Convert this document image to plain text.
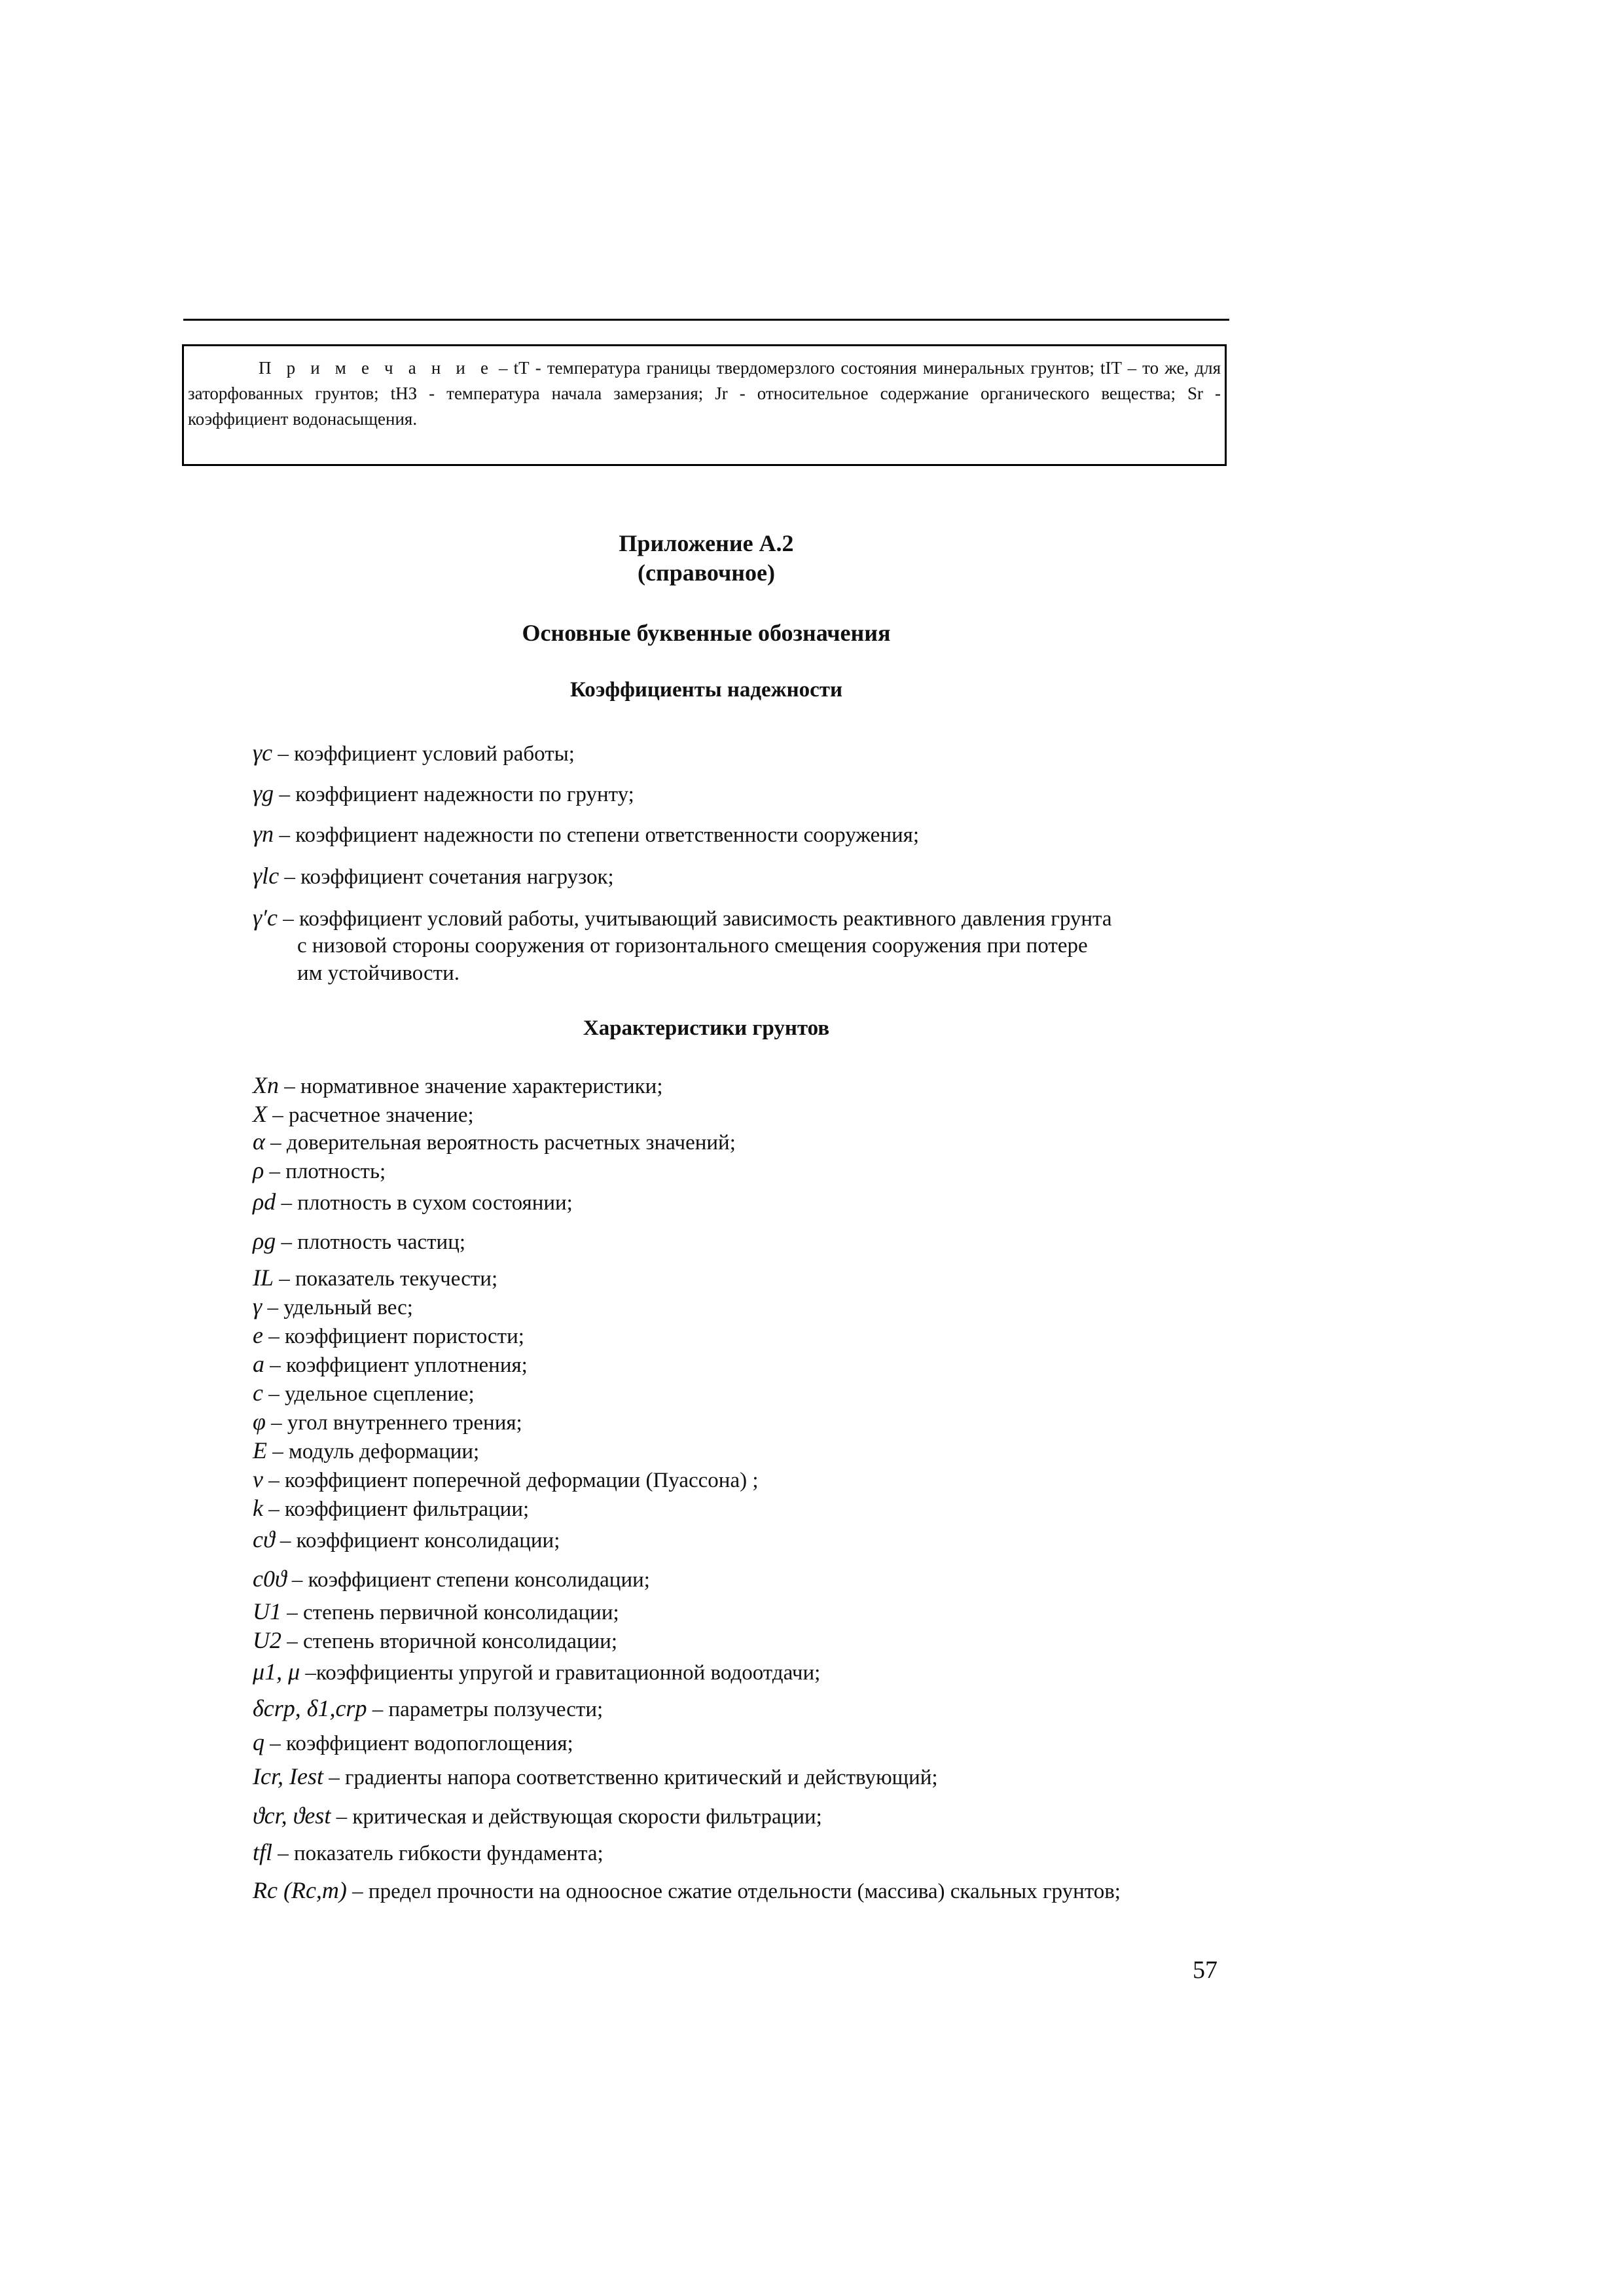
П р и м е ч а н и е – tТ - температура границы твердомерзлого состояния минеральных грунтов; tIT – то же, для заторфованных грунтов; tНЗ - температура начала замерзания; Jr - относительное содержание органического вещества; Sr - коэффициент водонасыщения.

Приложение А.2
(справочное)
Основные буквенные обозначения
Коэффициенты надежности
γc – коэффициент условий работы;
γg – коэффициент надежности по грунту;
γn – коэффициент надежности по степени ответственности сооружения;
γlc – коэффициент сочетания нагрузок;
γ′c – коэффициент условий работы, учитывающий зависимость реактивного давления грунта
с низовой стороны сооружения от горизонтального смещения сооружения при потере
им устойчивости.
Характеристики грунтов
Xn – нормативное значение характеристики;
X – расчетное значение;
α – доверительная вероятность расчетных значений;
ρ – плотность;
ρd – плотность в сухом состоянии;
ρg – плотность частиц;
IL – показатель текучести;
γ – удельный вес;
e – коэффициент пористости;
a – коэффициент уплотнения;
c – удельное сцепление;
φ – угол внутреннего трения;
E – модуль деформации;
ν – коэффициент поперечной деформации (Пуассона) ;
k – коэффициент фильтрации;
cϑ – коэффициент консолидации;
c0ϑ – коэффициент степени консолидации;
U1 – степень первичной консолидации;
U2 – степень вторичной консолидации;
μ1, μ –коэффициенты упругой и гравитационной водоотдачи;
δcrp, δ1,crp – параметры ползучести;
q – коэффициент водопоглощения;
Icr, Iest – градиенты напора соответственно критический и действующий;
ϑcr, ϑest – критическая и действующая скорости фильтрации;
tfl – показатель гибкости фундамента;
Rc (Rc,m) – предел прочности на одноосное сжатие отдельности (массива) скальных грунтов;
57
